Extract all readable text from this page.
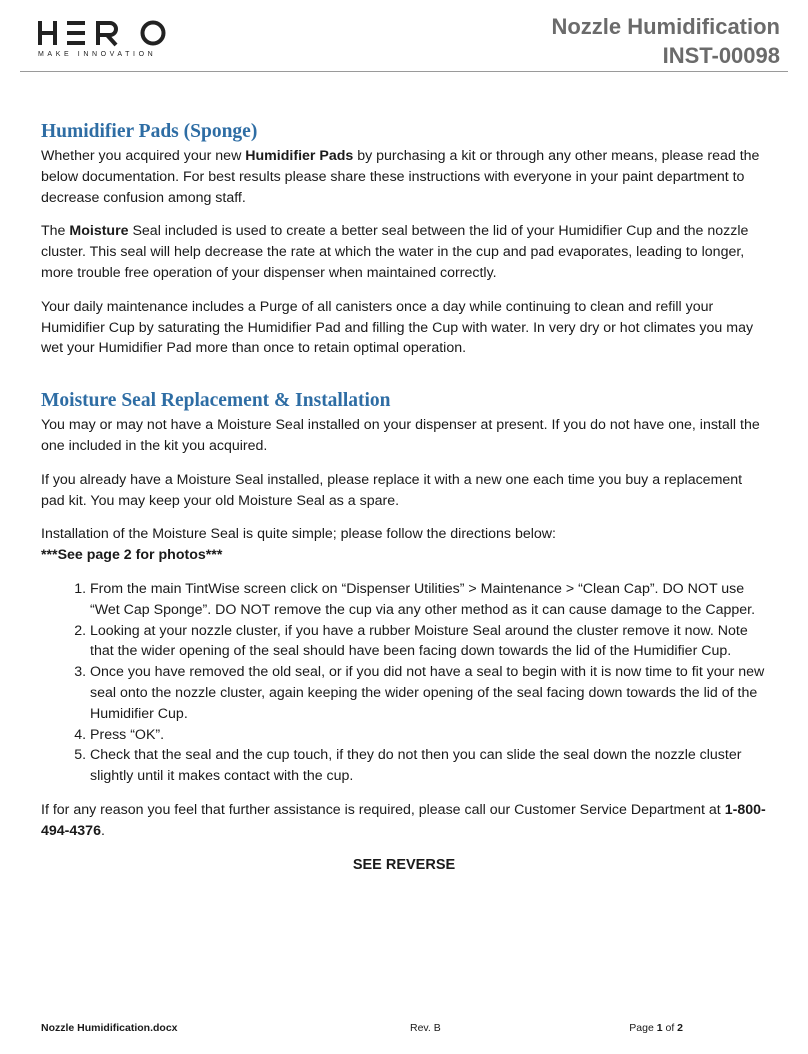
MAKE INNOVATION
Nozzle Humidification
INST-00098
Humidifier Pads (Sponge)

Whether you acquired your new Humidifier Pads by purchasing a kit or through any other means, please read the below documentation. For best results please share these instructions with everyone in your paint department to decrease confusion among staff.

The Moisture Seal included is used to create a better seal between the lid of your Humidifier Cup and the nozzle cluster. This seal will help decrease the rate at which the water in the cup and pad evaporates, leading to longer, more trouble free operation of your dispenser when maintained correctly.

Your daily maintenance includes a Purge of all canisters once a day while continuing to clean and refill your Humidifier Cup by saturating the Humidifier Pad and filling the Cup with water. In very dry or hot climates you may wet your Humidifier Pad more than once to retain optimal operation.

Moisture Seal Replacement & Installation

You may or may not have a Moisture Seal installed on your dispenser at present. If you do not have one, install the one included in the kit you acquired.

If you already have a Moisture Seal installed, please replace it with a new one each time you buy a replacement pad kit. You may keep your old Moisture Seal as a spare.

Installation of the Moisture Seal is quite simple; please follow the directions below:
***See page 2 for photos***

1. From the main TintWise screen click on “Dispenser Utilities” > Maintenance > “Clean Cap”. DO NOT use “Wet Cap Sponge”. DO NOT remove the cup via any other method as it can cause damage to the Capper.
2. Looking at your nozzle cluster, if you have a rubber Moisture Seal around the cluster remove it now. Note that the wider opening of the seal should have been facing down towards the lid of the Humidifier Cup.
3. Once you have removed the old seal, or if you did not have a seal to begin with it is now time to fit your new seal onto the nozzle cluster, again keeping the wider opening of the seal facing down towards the lid of the Humidifier Cup.
4. Press “OK”.
5. Check that the seal and the cup touch, if they do not then you can slide the seal down the nozzle cluster slightly until it makes contact with the cup.

If for any reason you feel that further assistance is required, please call our Customer Service Department at 1-800-494-4376.

SEE REVERSE
Nozzle Humidification.docx	Rev. B	Page 1 of 2
